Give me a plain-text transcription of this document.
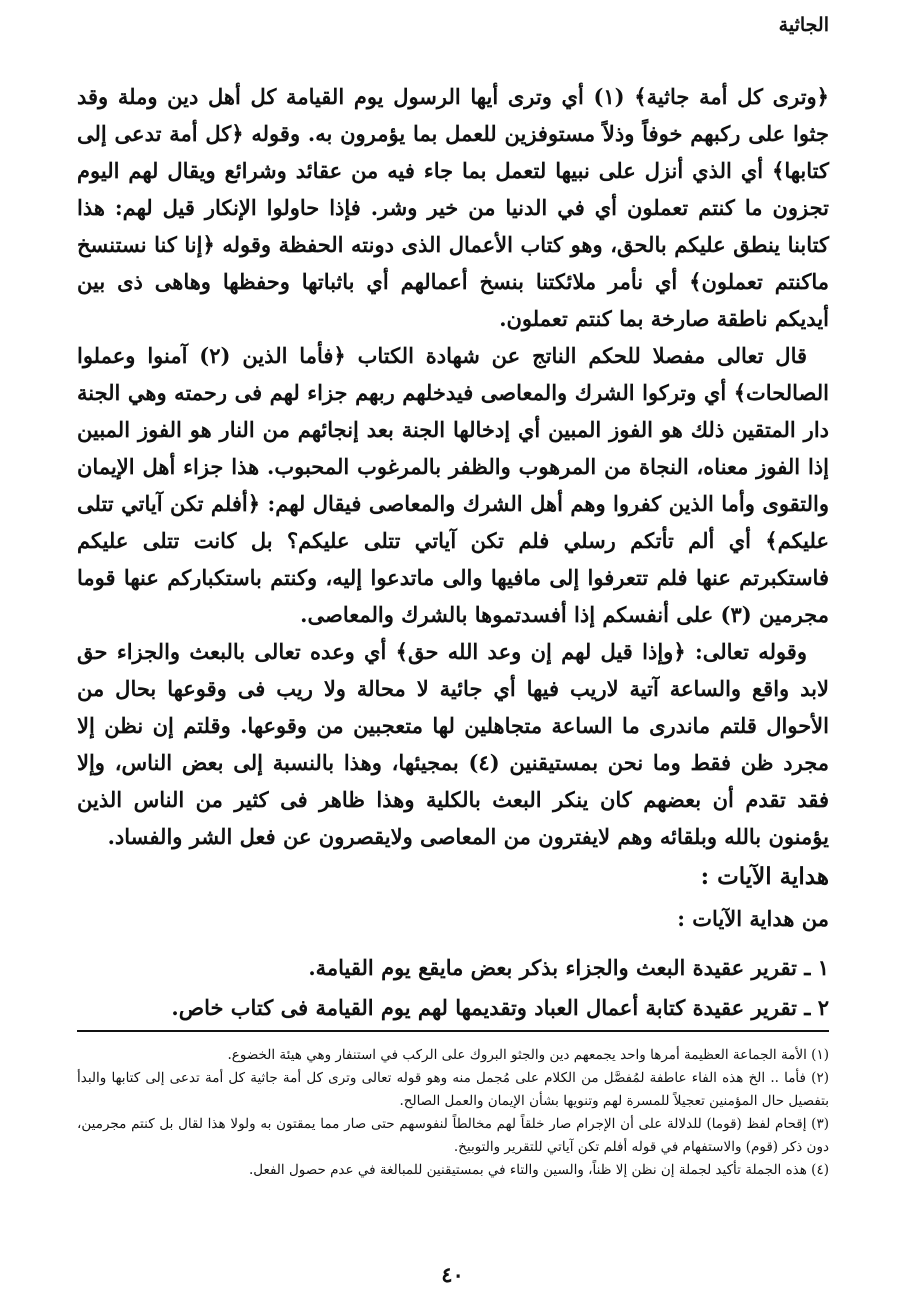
الجاثية

﴿وترى كل أمة جاثية﴾ (١) أي وترى أيها الرسول يوم القيامة كل أهل دين وملة وقد جثوا على ركبهم خوفاً وذلاً مستوفزين للعمل بما يؤمرون به. وقوله ﴿كل أمة تدعى إلى كتابها﴾ أي الذي أنزل على نبيها لتعمل بما جاء فيه من عقائد وشرائع ويقال لهم اليوم تجزون ما كنتم تعملون أي في الدنيا من خير وشر. فإذا حاولوا الإنكار قيل لهم: هذا كتابنا ينطق عليكم بالحق، وهو كتاب الأعمال الذى دونته الحفظة وقوله ﴿إنا كنا نستنسخ ماكنتم تعملون﴾ أي نأمر ملائكتنا بنسخ أعمالهم أي باثباتها وحفظها وهاهى ذى بين أيديكم ناطقة صارخة بما كنتم تعملون.

قال تعالى مفصلا للحكم الناتج عن شهادة الكتاب ﴿فأما الذين (٢) آمنوا وعملوا الصالحات﴾ أي وتركوا الشرك والمعاصى فيدخلهم ربهم جزاء لهم فى رحمته وهي الجنة دار المتقين ذلك هو الفوز المبين أي إدخالها الجنة بعد إنجائهم من النار هو الفوز المبين إذا الفوز معناه، النجاة من المرهوب والظفر بالمرغوب المحبوب. هذا جزاء أهل الإيمان والتقوى وأما الذين كفروا وهم أهل الشرك والمعاصى فيقال لهم: ﴿أفلم تكن آياتي تتلى عليكم﴾ أي ألم تأتكم رسلي فلم تكن آياتي تتلى عليكم؟ بل كانت تتلى عليكم فاستكبرتم عنها فلم تتعرفوا إلى مافيها والى ماتدعوا إليه، وكنتم باستكباركم عنها قوما مجرمين (٣) على أنفسكم إذا أفسدتموها بالشرك والمعاصى.

وقوله تعالى: ﴿وإذا قيل لهم إن وعد الله حق﴾ أي وعده تعالى بالبعث والجزاء حق لابد واقع والساعة آتية لاريب فيها أي جائية لا محالة ولا ريب فى وقوعها بحال من الأحوال قلتم ماندرى ما الساعة متجاهلين لها متعجبين من وقوعها. وقلتم إن نظن إلا مجرد ظن فقط وما نحن بمستيقنين (٤) بمجيئها، وهذا بالنسبة إلى بعض الناس، وإلا فقد تقدم أن بعضهم كان ينكر البعث بالكلية وهذا ظاهر فى كثير من الناس الذين يؤمنون بالله وبلقائه وهم لايفترون من المعاصى ولايقصرون عن فعل الشر والفساد.

هداية الآيات :
من هداية الآيات :
١ ـ تقرير عقيدة البعث والجزاء بذكر بعض مايقع يوم القيامة.
٢ ـ تقرير عقيدة كتابة أعمال العباد وتقديمها لهم يوم القيامة فى كتاب خاص.
(١) الأمة الجماعة العظيمة أمرها واحد يجمعهم دين والجثو البروك على الركب في استنفار وهي هيئة الخضوع.
(٢) فأما .. الخ هذه الفاء عاطفة لمُفصَّل من الكلام على مُجمل منه وهو قوله تعالى وترى كل أمة جاثية كل أمة تدعى إلى كتابها والبدأ بتفصيل حال المؤمنين تعجيلاً للمسرة لهم وتنويها بشأن الإيمان والعمل الصالح.
(٣) إقحام لفظ (قوما) للدلالة على أن الإجرام صار خلقاً لهم مخالطاً لنفوسهم حتى صار مما يمقتون به ولولا هذا لقال بل كنتم مجرمين، دون ذكر (قوم) والاستفهام في قوله أفلم تكن آياتي للتقرير والتوبيخ.
(٤) هذه الجملة تأكيد لجملة إن نظن إلا ظناً، والسين والتاء في بمستيقنين للمبالغة في عدم حصول الفعل.
٤٠
